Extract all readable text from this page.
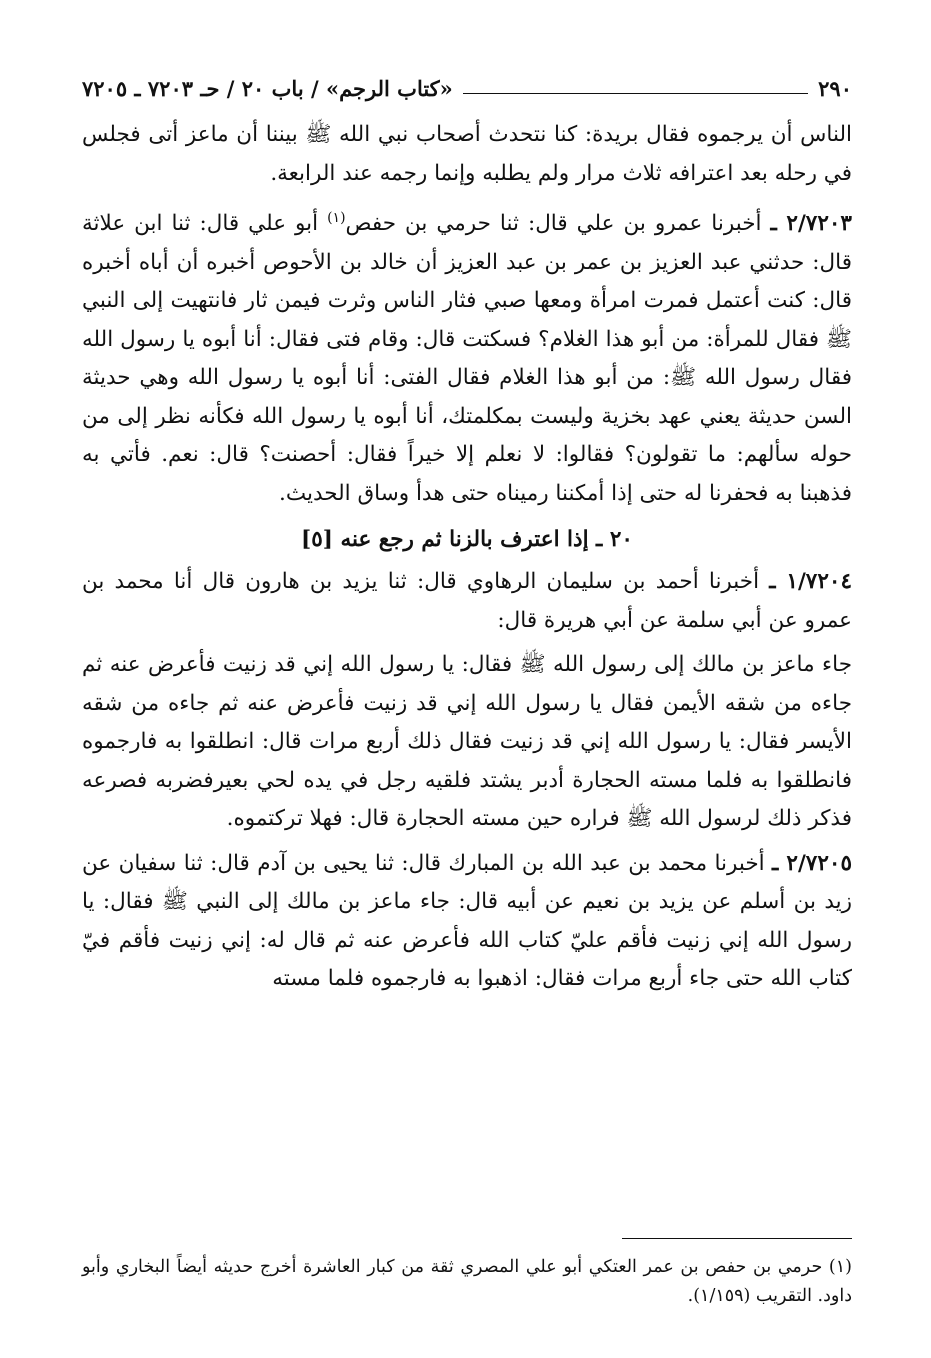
٢٩٠
«كتاب الرجم» / باب ٢٠ / حـ ٧٢٠٣ ـ ٧٢٠٥

الناس أن يرجموه فقال بريدة: كنا نتحدث أصحاب نبي الله ﷺ بيننا أن ماعز أتى فجلس في رحله بعد اعترافه ثلاث مرار ولم يطلبه وإنما رجمه عند الرابعة.

٢/٧٢٠٣ ـ أخبرنا عمرو بن علي قال: ثنا حرمي بن حفص$^{(١)}$ أبو علي قال: ثنا ابن علاثة قال: حدثني عبد العزيز بن عمر بن عبد العزيز أن خالد بن الأحوص أخبره أن أباه أخبره قال: كنت أعتمل فمرت امرأة ومعها صبي فثار الناس وثرت فيمن ثار فانتهيت إلى النبي ﷺ فقال للمرأة: من أبو هذا الغلام؟ فسكتت قال: وقام فتى فقال: أنا أبوه يا رسول الله فقال رسول الله ﷺ: من أبو هذا الغلام فقال الفتى: أنا أبوه يا رسول الله وهي حديثة السن حديثة يعني عهد بخزية وليست بمكلمتك، أنا أبوه يا رسول الله فكأنه نظر إلى من حوله سألهم: ما تقولون؟ فقالوا: لا نعلم إلا خيراً فقال: أحصنت؟ قال: نعم. فأتي به فذهبنا به فحفرنا له حتى إذا أمكننا رميناه حتى هدأ وساق الحديث.

٢٠ ـ إذا اعترف بالزنا ثم رجع عنه [٥]

١/٧٢٠٤ ـ أخبرنا أحمد بن سليمان الرهاوي قال: ثنا يزيد بن هارون قال أنا محمد بن عمرو عن أبي سلمة عن أبي هريرة قال:

جاء ماعز بن مالك إلى رسول الله ﷺ فقال: يا رسول الله إني قد زنيت فأعرض عنه ثم جاءه من شقه الأيمن فقال يا رسول الله إني قد زنيت فأعرض عنه ثم جاءه من شقه الأيسر فقال: يا رسول الله إني قد زنيت فقال ذلك أربع مرات قال: انطلقوا به فارجموه فانطلقوا به فلما مسته الحجارة أدبر يشتد فلقيه رجل في يده لحي بعيرفضربه فصرعه فذكر ذلك لرسول الله ﷺ فراره حين مسته الحجارة قال: فهلا تركتموه.

٢/٧٢٠٥ ـ أخبرنا محمد بن عبد الله بن المبارك قال: ثنا يحيى بن آدم قال: ثنا سفيان عن زيد بن أسلم عن يزيد بن نعيم عن أبيه قال: جاء ماعز بن مالك إلى النبي ﷺ فقال: يا رسول الله إني زنيت فأقم عليّ كتاب الله فأعرض عنه ثم قال له: إني زنيت فأقم فيّ كتاب الله حتى جاء أربع مرات فقال: اذهبوا به فارجموه فلما مسته

(١) حرمي بن حفص بن عمر العتكي أبو علي المصري ثقة من كبار العاشرة أخرج حديثه أيضاً البخاري وأبو داود. التقريب (١/١٥٩).
